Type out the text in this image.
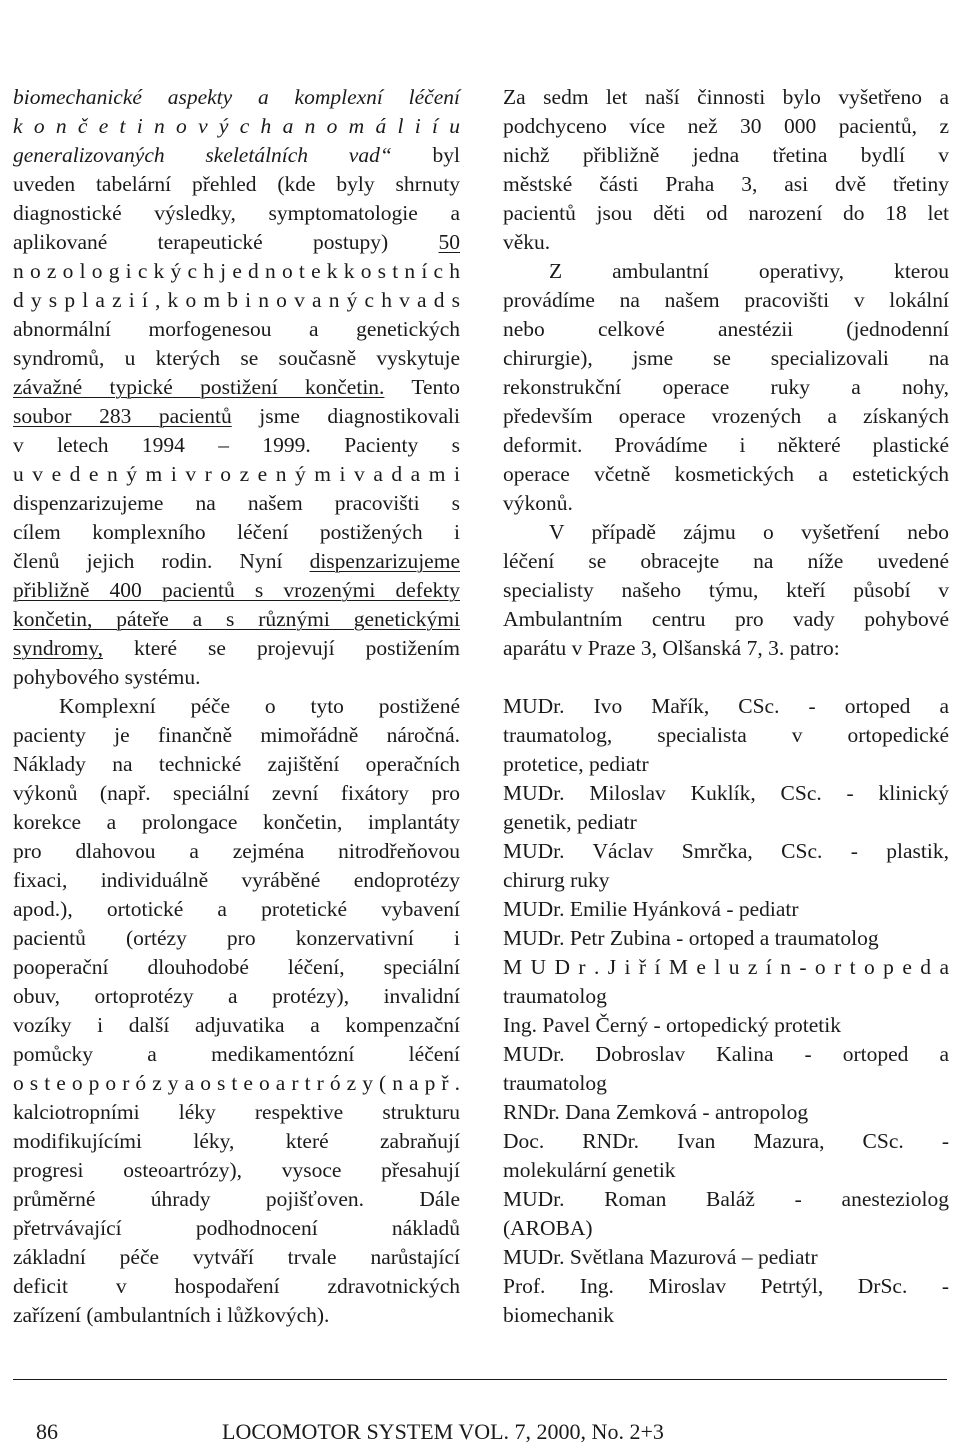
biomechanické aspekty a komplexní léčení
k o n č e t i n o v ý c h a n o m á l i í u
generalizovaných skeletálních vad“ byl
uveden tabelární přehled (kde byly shrnuty
diagnostické výsledky, symptomatologie a
aplikované terapeutické postupy) 50
n o z o l o g i c k ý c h j e d n o t e k k o s t n í c h
d y s p l a z i í , k o m b i n o v a n ý c h v a d s
abnormální morfogenesou a genetických
syndromů, u kterých se současně vyskytuje
závažné typické postižení končetin. Tento
soubor 283 pacientů jsme diagnostikovali
v letech 1994 – 1999. Pacienty s
u v e d e n ý m i v r o z e n ý m i v a d a m i
dispenzarizujeme na našem pracovišti s
cílem komplexního léčení postižených i
členů jejich rodin. Nyní dispenzarizujeme
přibližně 400 pacientů s vrozenými defekty
končetin, páteře a s různými genetickými
syndromy, které se projevují postižením
pohybového systému.
Komplexní péče o tyto postižené
pacienty je finančně mimořádně náročná.
Náklady na technické zajištění operačních
výkonů (např. speciální zevní fixátory pro
korekce a prolongace končetin, implantáty
pro dlahovou a zejména nitrodřeňovou
fixaci, individuálně vyráběné endoprotézy
apod.), ortotické a protetické vybavení
pacientů (ortézy pro konzervativní i
pooperační dlouhodobé léčení, speciální
obuv, ortoprotézy a protézy), invalidní
vozíky i další adjuvatika a kompenzační
pomůcky a medikamentózní léčení
o s t e o p o r ó z y a o s t e o a r t r ó z y ( n a p ř .
kalciotropními léky respektive strukturu
modifikujícími léky, které zabraňují
progresi osteoartrózy), vysoce přesahují
průměrné úhrady pojišťoven. Dále
přetrvávající podhodnocení nákladů
základní péče vytváří trvale narůstající
deficit v hospodaření zdravotnických
zařízení (ambulantních i lůžkových).
Za sedm let naší činnosti bylo vyšetřeno a
podchyceno více než 30 000 pacientů, z
nichž přibližně jedna třetina bydlí v
městské části Praha 3, asi dvě třetiny
pacientů jsou děti od narození do 18 let
věku.
Z ambulantní operativy, kterou
provádíme na našem pracovišti v lokální
nebo celkové anestézii (jednodenní
chirurgie), jsme se specializovali na
rekonstrukční operace ruky a nohy,
především operace vrozených a získaných
deformit. Provádíme i některé plastické
operace včetně kosmetických a estetických
výkonů.
V případě zájmu o vyšetření nebo
léčení se obracejte na níže uvedené
specialisty našeho týmu, kteří působí v
Ambulantním centru pro vady pohybové
aparátu v Praze 3, Olšanská 7, 3. patro:
MUDr. Ivo Mařík, CSc. - ortoped a
traumatolog, specialista v ortopedické
protetice, pediatr
MUDr. Miloslav Kuklík, CSc. - klinický
genetik, pediatr
MUDr. Václav Smrčka, CSc. - plastik,
chirurg ruky
MUDr. Emilie Hyánková - pediatr
MUDr. Petr Zubina - ortoped a traumatolog
M U D r . J i ř í M e l u z í n - o r t o p e d a
traumatolog
Ing. Pavel Černý - ortopedický protetik
MUDr. Dobroslav Kalina - ortoped a
traumatolog
RNDr. Dana Zemková - antropolog
Doc. RNDr. Ivan Mazura, CSc. -
molekulární genetik
MUDr. Roman Baláž - anesteziolog
(AROBA)
MUDr. Světlana Mazurová – pediatr
Prof. Ing. Miroslav Petrtýl, DrSc. -
biomechanik
86	LOCOMOTOR SYSTEM VOL. 7, 2000, No. 2+3
